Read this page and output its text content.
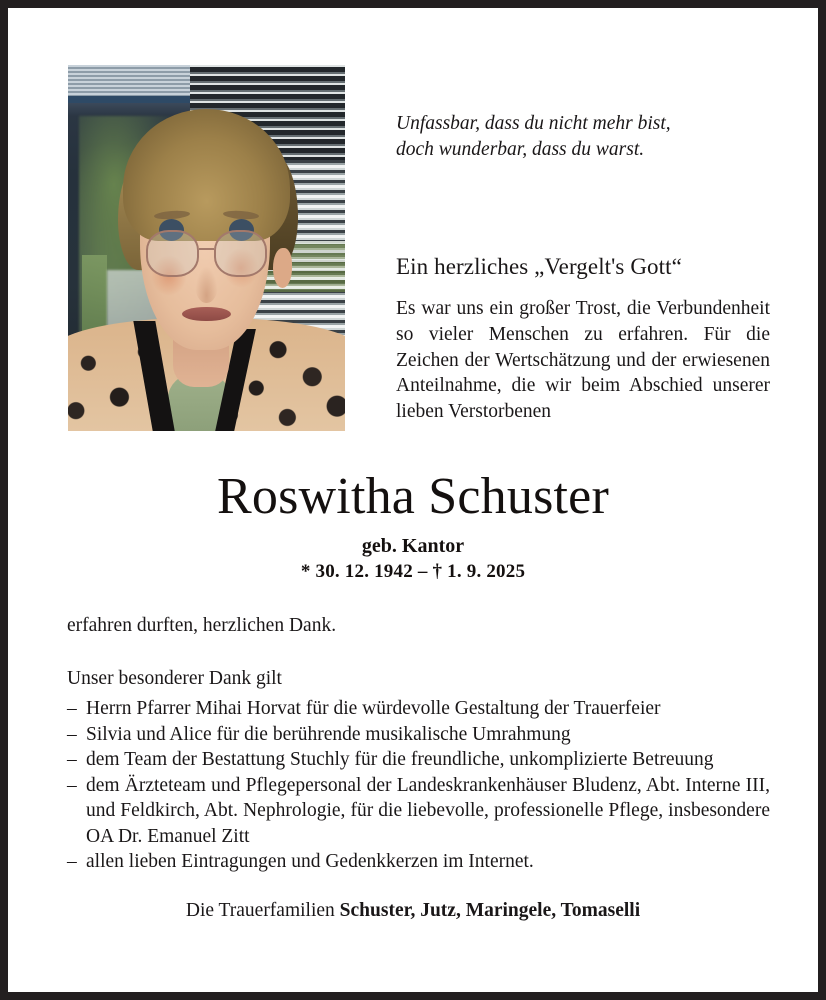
Unfassbar, dass du nicht mehr bist,
doch wunderbar, dass du warst.
Ein herzliches „Vergelt's Gott“
Es war uns ein großer Trost, die Verbundenheit so vieler Menschen zu erfahren. Für die Zeichen der Wertschätzung und der erwiesenen Anteilnahme, die wir beim Abschied unserer lieben Verstorbenen
Roswitha Schuster
geb. Kantor
* 30. 12. 1942 – † 1. 9. 2025
erfahren durften, herzlichen Dank.
Unser besonderer Dank gilt
– Herrn Pfarrer Mihai Horvat für die würdevolle Gestaltung der Trauerfeier
– Silvia und Alice für die berührende musikalische Umrahmung
– dem Team der Bestattung Stuchly für die freundliche, unkomplizierte Betreuung
– dem Ärzteteam und Pflegepersonal der Landeskrankenhäuser Bludenz, Abt. Interne III, und Feldkirch, Abt. Nephrologie, für die liebevolle, professionelle Pflege, insbesondere OA Dr. Emanuel Zitt
– allen lieben Eintragungen und Gedenkkerzen im Internet.
Die Trauerfamilien Schuster, Jutz, Maringele, Tomaselli
